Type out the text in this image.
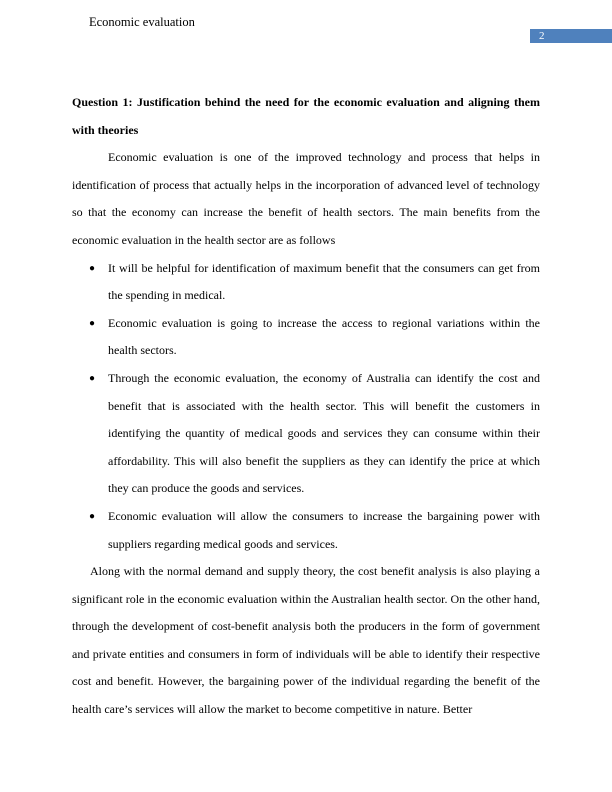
Economic evaluation
2

Question 1: Justification behind the need for the economic evaluation and aligning them with theories

Economic evaluation is one of the improved technology and process that helps in identification of process that actually helps in the incorporation of advanced level of technology so that the economy can increase the benefit of health sectors. The main benefits from the economic evaluation in the health sector are as follows

● It will be helpful for identification of maximum benefit that the consumers can get from the spending in medical.
● Economic evaluation is going to increase the access to regional variations within the health sectors.
● Through the economic evaluation, the economy of Australia can identify the cost and benefit that is associated with the health sector. This will benefit the customers in identifying the quantity of medical goods and services they can consume within their affordability. This will also benefit the suppliers as they can identify the price at which they can produce the goods and services.
● Economic evaluation will allow the consumers to increase the bargaining power with suppliers regarding medical goods and services.

Along with the normal demand and supply theory, the cost benefit analysis is also playing a significant role in the economic evaluation within the Australian health sector. On the other hand, through the development of cost-benefit analysis both the producers in the form of government and private entities and consumers in form of individuals will be able to identify their respective cost and benefit. However, the bargaining power of the individual regarding the benefit of the health care’s services will allow the market to become competitive in nature. Better
